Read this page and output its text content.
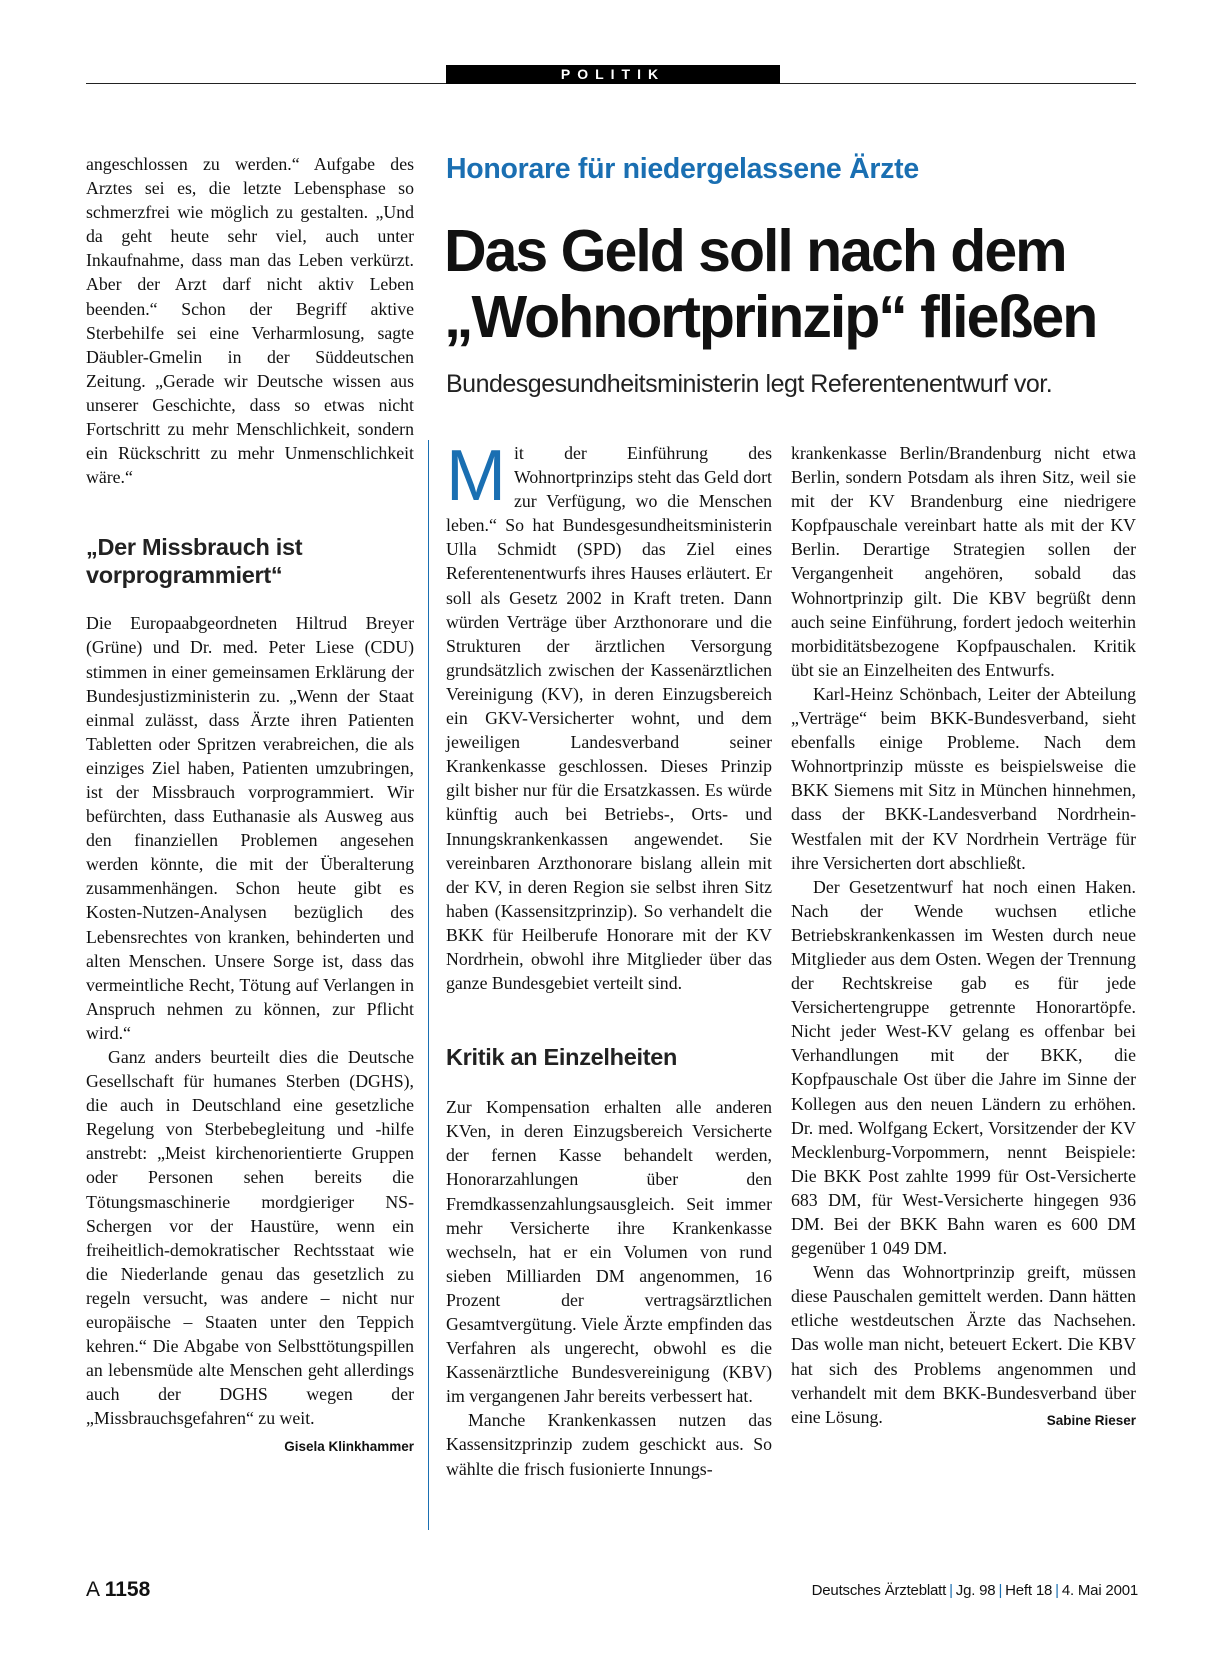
POLITIK

angeschlossen zu werden.“ Aufgabe des Arztes sei es, die letzte Lebensphase so schmerzfrei wie möglich zu gestalten. „Und da geht heute sehr viel, auch unter Inkaufnahme, dass man das Leben verkürzt. Aber der Arzt darf nicht aktiv Leben beenden.“ Schon der Begriff aktive Sterbehilfe sei eine Verharmlosung, sagte Däubler-Gmelin in der Süddeutschen Zeitung. „Gerade wir Deutsche wissen aus unserer Geschichte, dass so etwas nicht Fortschritt zu mehr Menschlichkeit, sondern ein Rückschritt zu mehr Unmenschlichkeit wäre.“

„Der Missbrauch ist vorprogrammiert“

Die Europaabgeordneten Hiltrud Breyer (Grüne) und Dr. med. Peter Liese (CDU) stimmen in einer gemeinsamen Erklärung der Bundesjustizministerin zu. „Wenn der Staat einmal zulässt, dass Ärzte ihren Patienten Tabletten oder Spritzen verabreichen, die als einziges Ziel haben, Patienten umzubringen, ist der Missbrauch vorprogrammiert. Wir befürchten, dass Euthanasie als Ausweg aus den finanziellen Problemen angesehen werden könnte, die mit der Überalterung zusammenhängen. Schon heute gibt es Kosten-Nutzen-Analysen bezüglich des Lebensrechtes von kranken, behinderten und alten Menschen. Unsere Sorge ist, dass das vermeintliche Recht, Tötung auf Verlangen in Anspruch nehmen zu können, zur Pflicht wird.“

Ganz anders beurteilt dies die Deutsche Gesellschaft für humanes Sterben (DGHS), die auch in Deutschland eine gesetzliche Regelung von Sterbebegleitung und -hilfe anstrebt: „Meist kirchenorientierte Gruppen oder Personen sehen bereits die Tötungsmaschinerie mordgieriger NS-Schergen vor der Haustüre, wenn ein freiheitlich-demokratischer Rechtsstaat wie die Niederlande genau das gesetzlich zu regeln versucht, was andere – nicht nur europäische – Staaten unter den Teppich kehren.“ Die Abgabe von Selbsttötungspillen an lebensmüde alte Menschen geht allerdings auch der DGHS wegen der „Missbrauchsgefahren“ zu weit.
Gisela Klinkhammer

Honorare für niedergelassene Ärzte
Das Geld soll nach dem
„Wohnortprinzip“ fließen
Bundesgesundheitsministerin legt Referentenentwurf vor.

Mit der Einführung des Wohnortprinzips steht das Geld dort zur Verfügung, wo die Menschen leben.“ So hat Bundesgesundheitsministerin Ulla Schmidt (SPD) das Ziel eines Referentenentwurfs ihres Hauses erläutert. Er soll als Gesetz 2002 in Kraft treten. Dann würden Verträge über Arzthonorare und die Strukturen der ärztlichen Versorgung grundsätzlich zwischen der Kassenärztlichen Vereinigung (KV), in deren Einzugsbereich ein GKV-Versicherter wohnt, und dem jeweiligen Landesverband seiner Krankenkasse geschlossen. Dieses Prinzip gilt bisher nur für die Ersatzkassen. Es würde künftig auch bei Betriebs-, Orts- und Innungskrankenkassen angewendet. Sie vereinbaren Arzthonorare bislang allein mit der KV, in deren Region sie selbst ihren Sitz haben (Kassensitzprinzip). So verhandelt die BKK für Heilberufe Honorare mit der KV Nordrhein, obwohl ihre Mitglieder über das ganze Bundesgebiet verteilt sind.

Kritik an Einzelheiten

Zur Kompensation erhalten alle anderen KVen, in deren Einzugsbereich Versicherte der fernen Kasse behandelt werden, Honorarzahlungen über den Fremdkassenzahlungsausgleich. Seit immer mehr Versicherte ihre Krankenkasse wechseln, hat er ein Volumen von rund sieben Milliarden DM angenommen, 16 Prozent der vertragsärztlichen Gesamtvergütung. Viele Ärzte empfinden das Verfahren als ungerecht, obwohl es die Kassenärztliche Bundesvereinigung (KBV) im vergangenen Jahr bereits verbessert hat.

Manche Krankenkassen nutzen das Kassensitzprinzip zudem geschickt aus. So wählte die frisch fusionierte Innungs-

krankenkasse Berlin/Brandenburg nicht etwa Berlin, sondern Potsdam als ihren Sitz, weil sie mit der KV Brandenburg eine niedrigere Kopfpauschale vereinbart hatte als mit der KV Berlin. Derartige Strategien sollen der Vergangenheit angehören, sobald das Wohnortprinzip gilt. Die KBV begrüßt denn auch seine Einführung, fordert jedoch weiterhin morbiditätsbezogene Kopfpauschalen. Kritik übt sie an Einzelheiten des Entwurfs.

Karl-Heinz Schönbach, Leiter der Abteilung „Verträge“ beim BKK-Bundesverband, sieht ebenfalls einige Probleme. Nach dem Wohnortprinzip müsste es beispielsweise die BKK Siemens mit Sitz in München hinnehmen, dass der BKK-Landesverband Nordrhein-Westfalen mit der KV Nordrhein Verträge für ihre Versicherten dort abschließt.

Der Gesetzentwurf hat noch einen Haken. Nach der Wende wuchsen etliche Betriebskrankenkassen im Westen durch neue Mitglieder aus dem Osten. Wegen der Trennung der Rechtskreise gab es für jede Versichertengruppe getrennte Honorartöpfe. Nicht jeder West-KV gelang es offenbar bei Verhandlungen mit der BKK, die Kopfpauschale Ost über die Jahre im Sinne der Kollegen aus den neuen Ländern zu erhöhen. Dr. med. Wolfgang Eckert, Vorsitzender der KV Mecklenburg-Vorpommern, nennt Beispiele: Die BKK Post zahlte 1999 für Ost-Versicherte 683 DM, für West-Versicherte hingegen 936 DM. Bei der BKK Bahn waren es 600 DM gegenüber 1 049 DM.

Wenn das Wohnortprinzip greift, müssen diese Pauschalen gemittelt werden. Dann hätten etliche westdeutschen Ärzte das Nachsehen. Das wolle man nicht, beteuert Eckert. Die KBV hat sich des Problems angenommen und verhandelt mit dem BKK-Bundesverband über eine Lösung.	Sabine Rieser

A 1158	Deutsches Ärzteblatt | Jg. 98 | Heft 18 | 4. Mai 2001
